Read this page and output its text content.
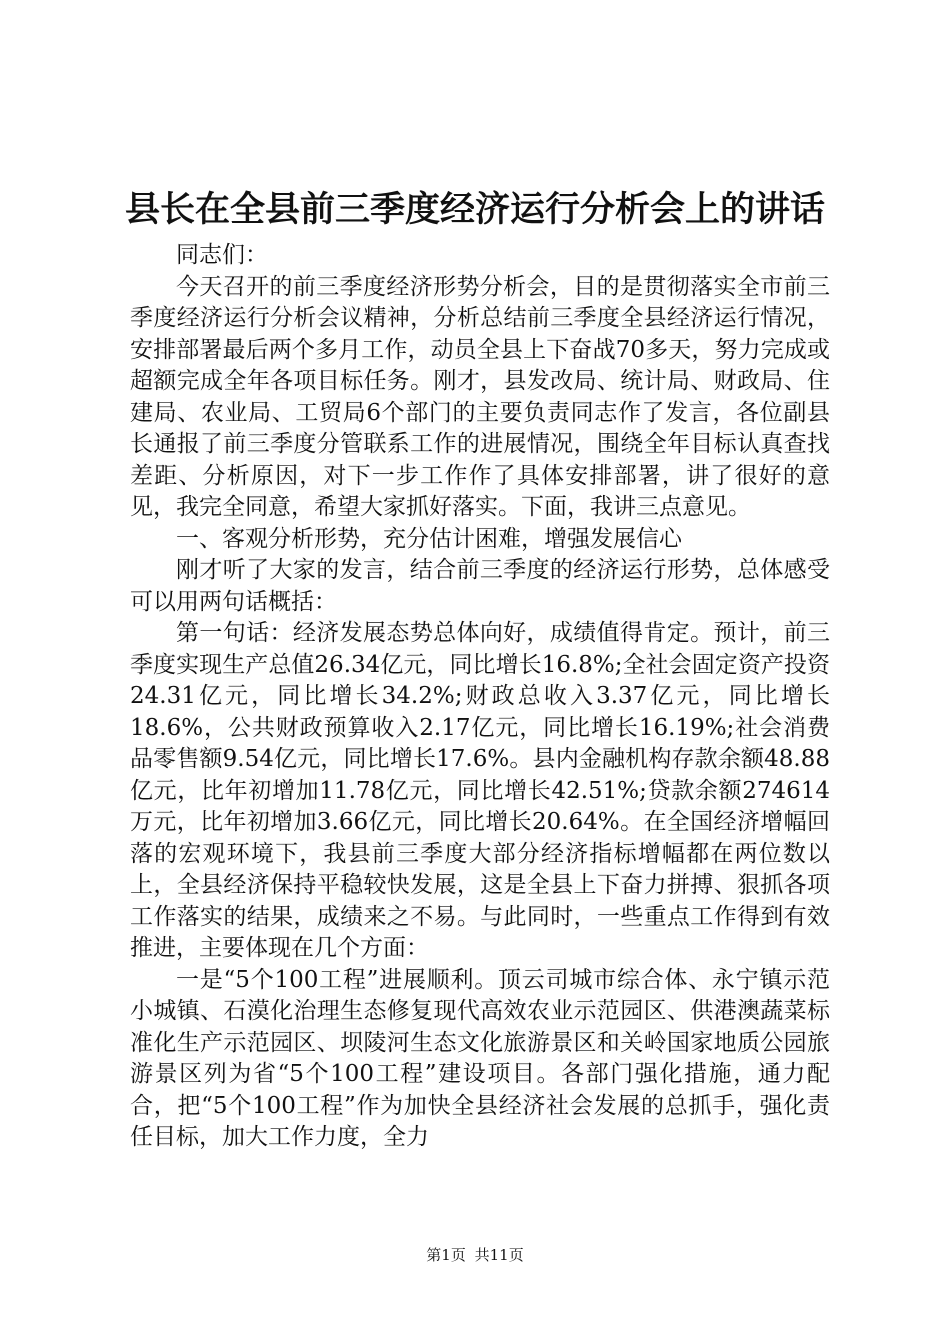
县长在全县前三季度经济运行分析会上的讲话

同志们：

今天召开的前三季度经济形势分析会，目的是贯彻落实全市前三季度经济运行分析会议精神，分析总结前三季度全县经济运行情况，安排部署最后两个多月工作，动员全县上下奋战70多天，努力完成或超额完成全年各项目标任务。刚才，县发改局、统计局、财政局、住建局、农业局、工贸局6个部门的主要负责同志作了发言，各位副县长通报了前三季度分管联系工作的进展情况，围绕全年目标认真查找差距、分析原因，对下一步工作作了具体安排部署，讲了很好的意见，我完全同意，希望大家抓好落实。下面，我讲三点意见。

一、客观分析形势，充分估计困难，增强发展信心

刚才听了大家的发言，结合前三季度的经济运行形势，总体感受可以用两句话概括：

第一句话：经济发展态势总体向好，成绩值得肯定。预计，前三季度实现生产总值26.34亿元，同比增长16.8%;全社会固定资产投资24.31亿元，同比增长34.2%;财政总收入3.37亿元，同比增长18.6%，公共财政预算收入2.17亿元，同比增长16.19%;社会消费品零售额9.54亿元，同比增长17.6%。县内金融机构存款余额48.88亿元，比年初增加11.78亿元，同比增长42.51%;贷款余额274614万元，比年初增加3.66亿元，同比增长20.64%。在全国经济增幅回落的宏观环境下，我县前三季度大部分经济指标增幅都在两位数以上，全县经济保持平稳较快发展，这是全县上下奋力拼搏、狠抓各项工作落实的结果，成绩来之不易。与此同时，一些重点工作得到有效推进，主要体现在几个方面：

一是“5个100工程”进展顺利。顶云司城市综合体、永宁镇示范小城镇、石漠化治理生态修复现代高效农业示范园区、供港澳蔬菜标准化生产示范园区、坝陵河生态文化旅游景区和关岭国家地质公园旅游景区列为省“5个100工程”建设项目。各部门强化措施，通力配合，把“5个100工程”作为加快全县经济社会发展的总抓手，强化责任目标，加大工作力度，全力

第1页 共11页
